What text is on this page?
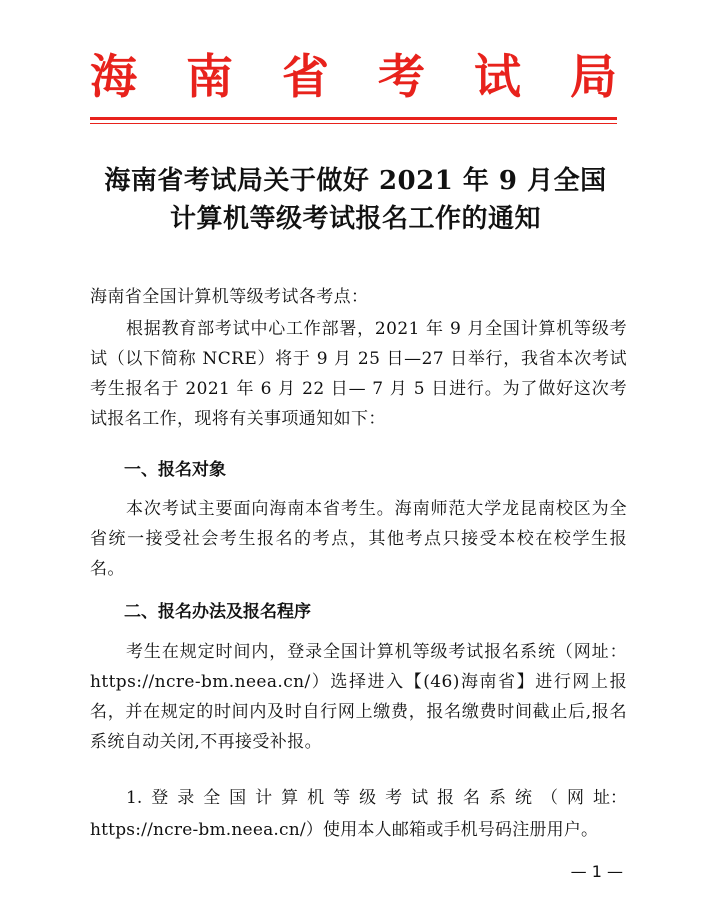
海 南 省 考 试 局
海南省考试局关于做好 2021 年 9 月全国
计算机等级考试报名工作的通知

海南省全国计算机等级考试各考点：

根据教育部考试中心工作部署，2021 年 9 月全国计算机等级考试（以下简称 NCRE）将于 9 月 25 日—27 日举行，我省本次考试考生报名于 2021 年 6 月 22 日— 7 月 5 日进行。为了做好这次考试报名工作，现将有关事项通知如下：

一、报名对象

本次考试主要面向海南本省考生。海南师范大学龙昆南校区为全省统一接受社会考生报名的考点，其他考点只接受本校在校学生报名。

二、报名办法及报名程序

考生在规定时间内，登录全国计算机等级考试报名系统（网址：https://ncre-bm.neea.cn/）选择进入【(46)海南省】进行网上报名，并在规定的时间内及时自行网上缴费，报名缴费时间截止后,报名系统自动关闭,不再接受补报。

1. 登 录 全 国 计 算 机 等 级 考 试 报 名 系 统 （ 网 址：
https://ncre-bm.neea.cn/）使用本人邮箱或手机号码注册用户。
— 1 —
